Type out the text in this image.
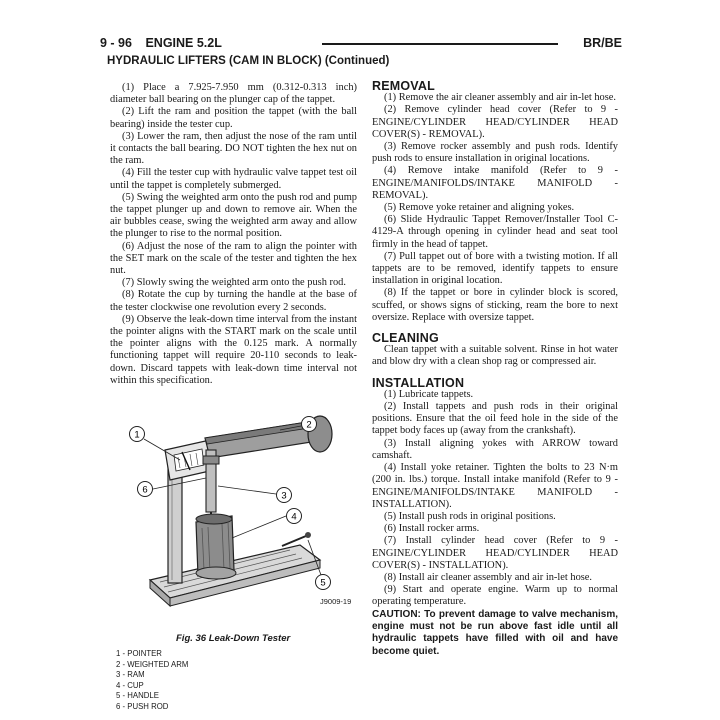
9 - 96 ENGINE 5.2L	BR/BE
HYDRAULIC LIFTERS (CAM IN BLOCK) (Continued)

(1) Place a 7.925-7.950 mm (0.312-0.313 inch) diameter ball bearing on the plunger cap of the tappet.

(2) Lift the ram and position the tappet (with the ball bearing) inside the tester cup.

(3) Lower the ram, then adjust the nose of the ram until it contacts the ball bearing. DO NOT tighten the hex nut on the ram.

(4) Fill the tester cup with hydraulic valve tappet test oil until the tappet is completely submerged.

(5) Swing the weighted arm onto the push rod and pump the tappet plunger up and down to remove air. When the air bubbles cease, swing the weighted arm away and allow the plunger to rise to the normal position.

(6) Adjust the nose of the ram to align the pointer with the SET mark on the scale of the tester and tighten the hex nut.

(7) Slowly swing the weighted arm onto the push rod.

(8) Rotate the cup by turning the handle at the base of the tester clockwise one revolution every 2 seconds.

(9) Observe the leak-down time interval from the instant the pointer aligns with the START mark on the scale until the pointer aligns with the 0.125 mark. A normally functioning tappet will require 20-110 seconds to leak-down. Discard tappets with leak-down time interval not within this specification.

1
2
3
4
5
6
J9009-19
Fig. 36 Leak-Down Tester
1 - POINTER
2 - WEIGHTED ARM
3 - RAM
4 - CUP
5 - HANDLE
6 - PUSH ROD

REMOVAL

(1) Remove the air cleaner assembly and air in-let hose.

(2) Remove cylinder head cover (Refer to 9 - ENGINE/CYLINDER HEAD/CYLINDER HEAD COVER(S) - REMOVAL).

(3) Remove rocker assembly and push rods. Identify push rods to ensure installation in original locations.

(4) Remove intake manifold (Refer to 9 - ENGINE/MANIFOLDS/INTAKE MANIFOLD - REMOVAL).

(5) Remove yoke retainer and aligning yokes.

(6) Slide Hydraulic Tappet Remover/Installer Tool C-4129-A through opening in cylinder head and seat tool firmly in the head of tappet.

(7) Pull tappet out of bore with a twisting motion. If all tappets are to be removed, identify tappets to ensure installation in original location.

(8) If the tappet or bore in cylinder block is scored, scuffed, or shows signs of sticking, ream the bore to next oversize. Replace with oversize tappet.

CLEANING

Clean tappet with a suitable solvent. Rinse in hot water and blow dry with a clean shop rag or compressed air.

INSTALLATION

(1) Lubricate tappets.

(2) Install tappets and push rods in their original positions. Ensure that the oil feed hole in the side of the tappet body faces up (away from the crankshaft).

(3) Install aligning yokes with ARROW toward camshaft.

(4) Install yoke retainer. Tighten the bolts to 23 N·m (200 in. lbs.) torque. Install intake manifold (Refer to 9 - ENGINE/MANIFOLDS/INTAKE MANIFOLD - INSTALLATION).

(5) Install push rods in original positions.

(6) Install rocker arms.

(7) Install cylinder head cover (Refer to 9 - ENGINE/CYLINDER HEAD/CYLINDER HEAD COVER(S) - INSTALLATION).

(8) Install air cleaner assembly and air in-let hose.

(9) Start and operate engine. Warm up to normal operating temperature.

CAUTION: To prevent damage to valve mechanism, engine must not be run above fast idle until all hydraulic tappets have filled with oil and have become quiet.
